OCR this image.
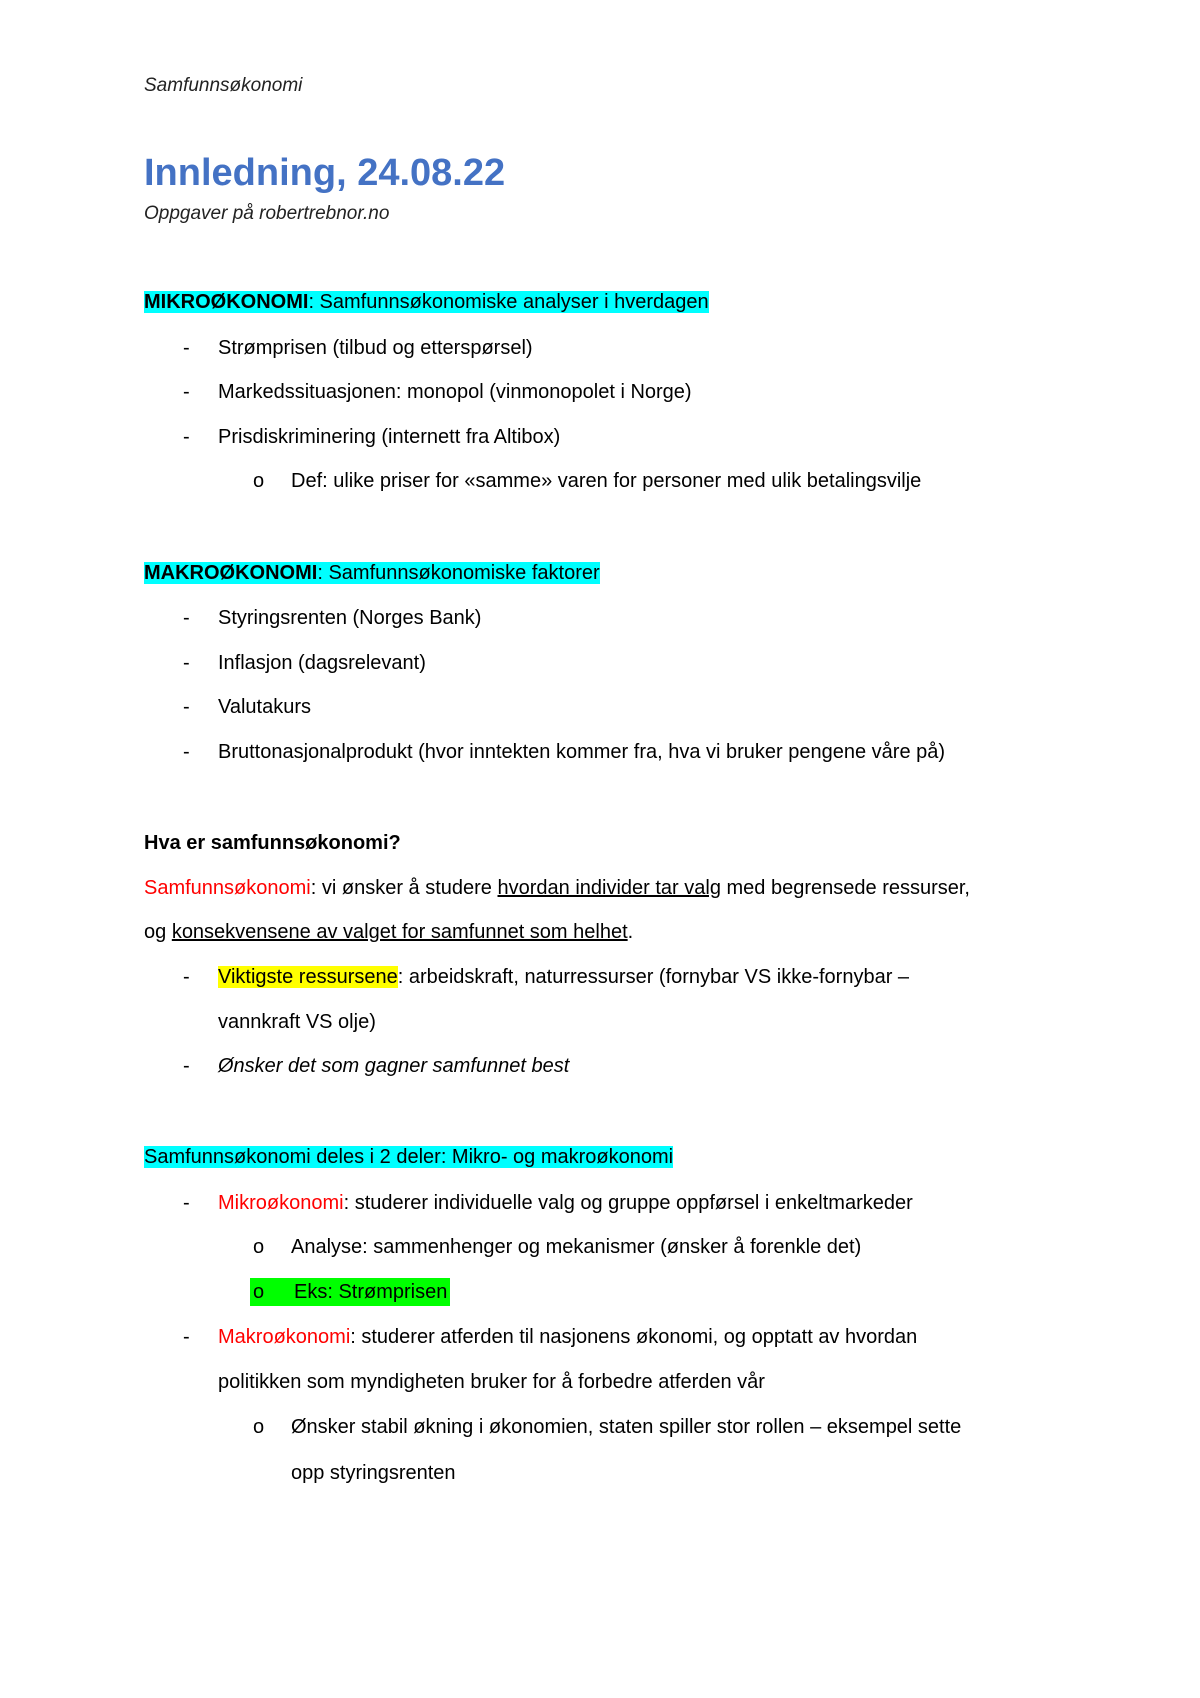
Samfunnsøkonomi
Innledning, 24.08.22
Oppgaver på robertrebnor.no
MIKROØKONOMI: Samfunnsøkonomiske analyser i hverdagen
- Strømprisen (tilbud og etterspørsel)
- Markedssituasjonen: monopol (vinmonopolet i Norge)
- Prisdiskriminering (internett fra Altibox)
o Def: ulike priser for «samme» varen for personer med ulik betalingsvilje
MAKROØKONOMI: Samfunnsøkonomiske faktorer
- Styringsrenten (Norges Bank)
- Inflasjon (dagsrelevant)
- Valutakurs
- Bruttonasjonalprodukt (hvor inntekten kommer fra, hva vi bruker pengene våre på)
Hva er samfunnsøkonomi?
Samfunnsøkonomi: vi ønsker å studere hvordan individer tar valg med begrensede ressurser,
og konsekvensene av valget for samfunnet som helhet.
- Viktigste ressursene: arbeidskraft, naturressurser (fornybar VS ikke-fornybar –
vannkraft VS olje)
- Ønsker det som gagner samfunnet best
Samfunnsøkonomi deles i 2 deler: Mikro- og makroøkonomi
- Mikroøkonomi: studerer individuelle valg og gruppe oppførsel i enkeltmarkeder
o Analyse: sammenhenger og mekanismer (ønsker å forenkle det)
o Eks: Strømprisen
- Makroøkonomi: studerer atferden til nasjonens økonomi, og opptatt av hvordan
politikken som myndigheten bruker for å forbedre atferden vår
o Ønsker stabil økning i økonomien, staten spiller stor rollen – eksempel sette
opp styringsrenten
